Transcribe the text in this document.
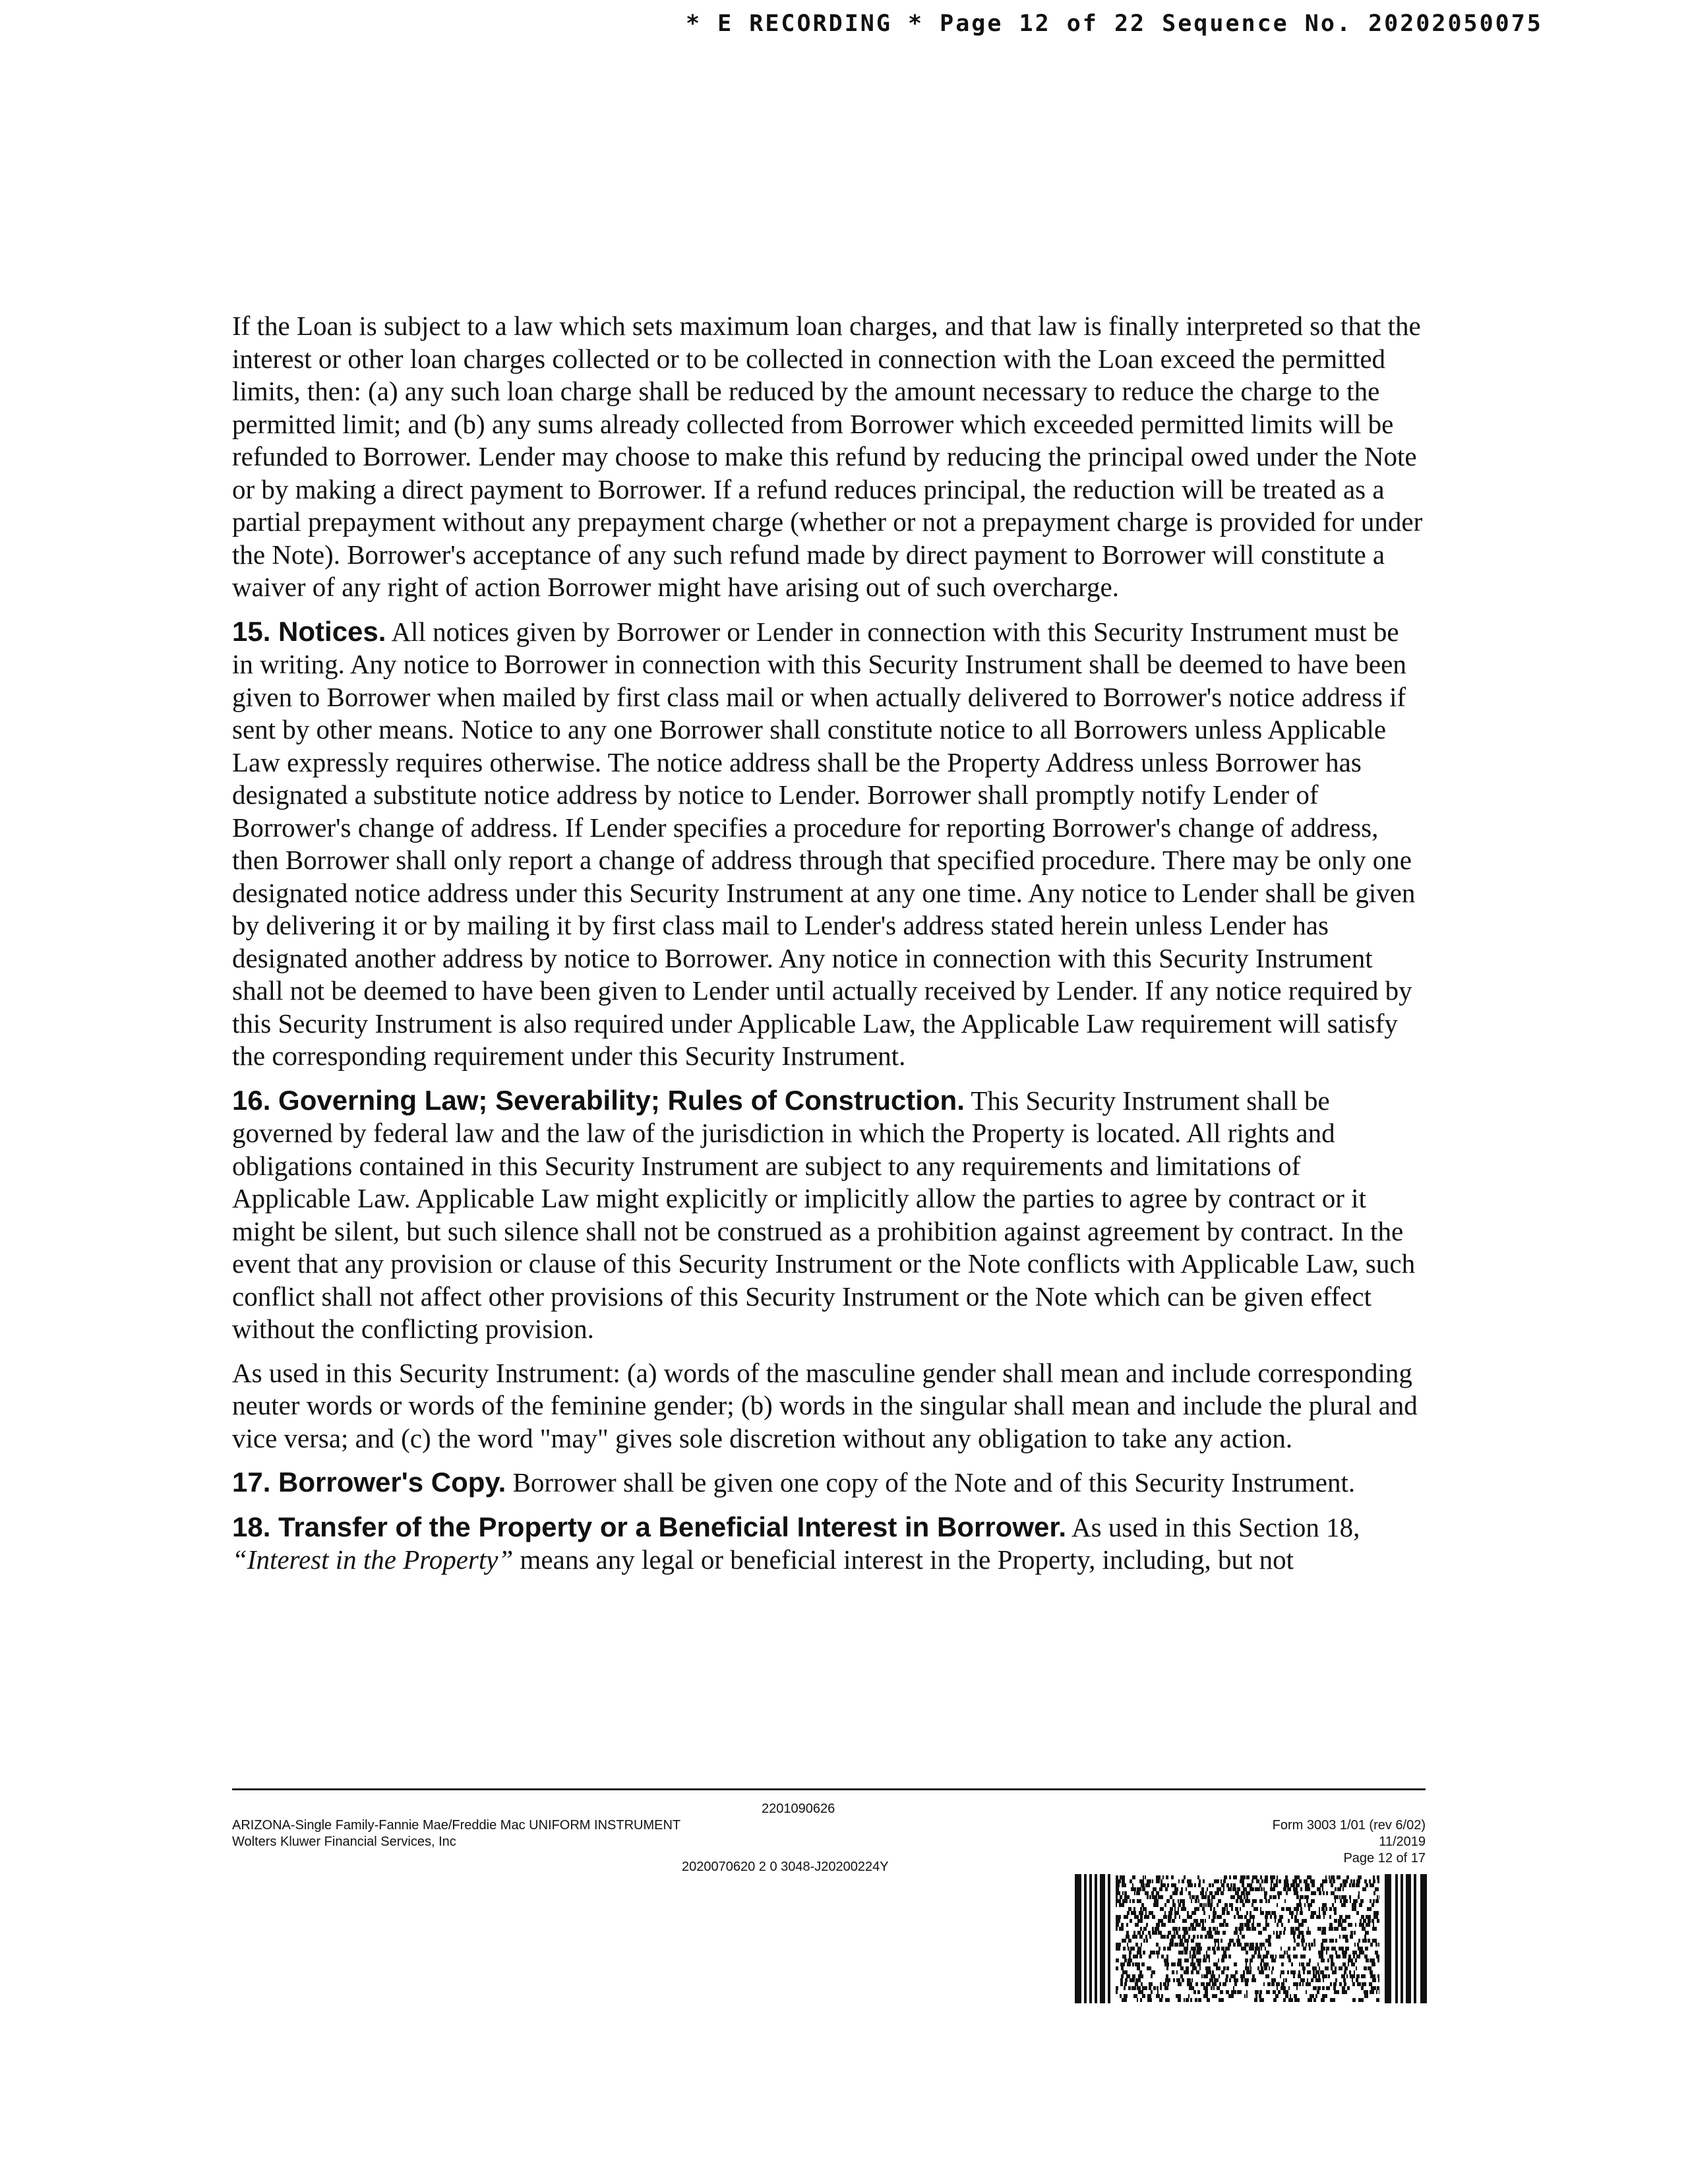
* E RECORDING * Page 12 of 22 Sequence No. 20202050075

If the Loan is subject to a law which sets maximum loan charges, and that law is finally interpreted so that the interest or other loan charges collected or to be collected in connection with the Loan exceed the permitted limits, then: (a) any such loan charge shall be reduced by the amount necessary to reduce the charge to the permitted limit; and (b) any sums already collected from Borrower which exceeded permitted limits will be refunded to Borrower. Lender may choose to make this refund by reducing the principal owed under the Note or by making a direct payment to Borrower. If a refund reduces principal, the reduction will be treated as a partial prepayment without any prepayment charge (whether or not a prepayment charge is provided for under the Note). Borrower's acceptance of any such refund made by direct payment to Borrower will constitute a waiver of any right of action Borrower might have arising out of such overcharge.

15. Notices. All notices given by Borrower or Lender in connection with this Security Instrument must be in writing. Any notice to Borrower in connection with this Security Instrument shall be deemed to have been given to Borrower when mailed by first class mail or when actually delivered to Borrower's notice address if sent by other means. Notice to any one Borrower shall constitute notice to all Borrowers unless Applicable Law expressly requires otherwise. The notice address shall be the Property Address unless Borrower has designated a substitute notice address by notice to Lender. Borrower shall promptly notify Lender of Borrower's change of address. If Lender specifies a procedure for reporting Borrower's change of address, then Borrower shall only report a change of address through that specified procedure. There may be only one designated notice address under this Security Instrument at any one time. Any notice to Lender shall be given by delivering it or by mailing it by first class mail to Lender's address stated herein unless Lender has designated another address by notice to Borrower. Any notice in connection with this Security Instrument shall not be deemed to have been given to Lender until actually received by Lender. If any notice required by this Security Instrument is also required under Applicable Law, the Applicable Law requirement will satisfy the corresponding requirement under this Security Instrument.

16. Governing Law; Severability; Rules of Construction. This Security Instrument shall be governed by federal law and the law of the jurisdiction in which the Property is located. All rights and obligations contained in this Security Instrument are subject to any requirements and limitations of Applicable Law. Applicable Law might explicitly or implicitly allow the parties to agree by contract or it might be silent, but such silence shall not be construed as a prohibition against agreement by contract. In the event that any provision or clause of this Security Instrument or the Note conflicts with Applicable Law, such conflict shall not affect other provisions of this Security Instrument or the Note which can be given effect without the conflicting provision.

As used in this Security Instrument: (a) words of the masculine gender shall mean and include corresponding neuter words or words of the feminine gender; (b) words in the singular shall mean and include the plural and vice versa; and (c) the word "may" gives sole discretion without any obligation to take any action.

17. Borrower's Copy. Borrower shall be given one copy of the Note and of this Security Instrument.

18. Transfer of the Property or a Beneficial Interest in Borrower. As used in this Section 18, “Interest in the Property” means any legal or beneficial interest in the Property, including, but not

2201090626
ARIZONA-Single Family-Fannie Mae/Freddie Mac UNIFORM INSTRUMENT
Wolters Kluwer Financial Services, Inc
2020070620 2 0 3048-J20200224Y
Form 3003 1/01 (rev 6/02)
11/2019
Page 12 of 17
